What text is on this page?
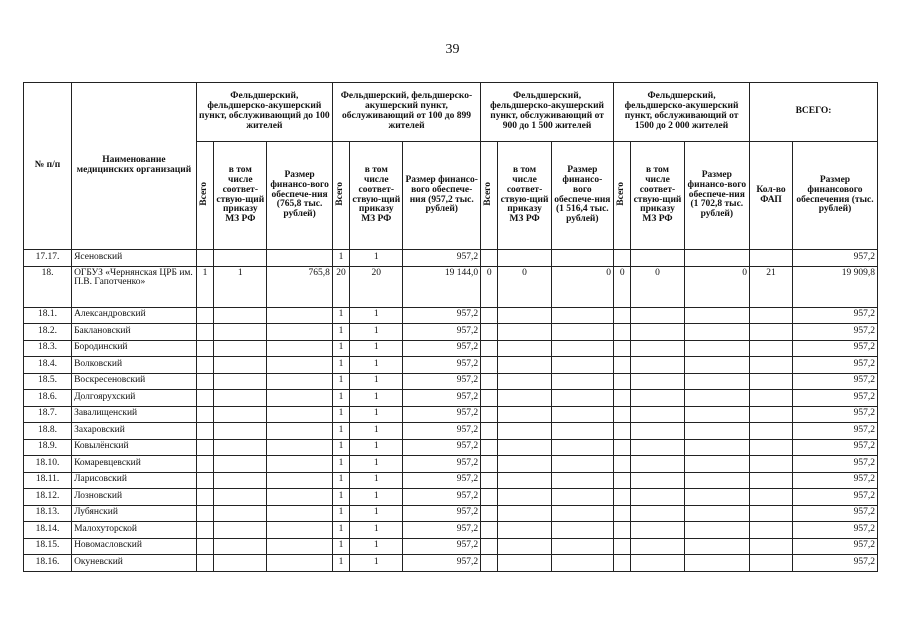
39
№ п/п	Наименование медицинских организаций	Фельдшерский, фельдшерско-акушерский пункт, обслуживающий до 100 жителей			Фельдшерский, фельдшерско-акушерский пункт, обслуживающий от 100 до 899 жителей			Фельдшерский, фельдшерско-акушерский пункт, обслуживающий от 900 до 1 500 жителей			Фельдшерский, фельдшерско-акушерский пункт, обслуживающий от 1500 до 2 000 жителей			ВСЕГО:	
		Всего	в том числе соответ-ствую-щий приказу МЗ РФ	Размер финансо-вого обеспече-ния (765,8 тыс. рублей)	Всего	в том числе соответ-ствую-щий приказу МЗ РФ	Размер финансо-вого обеспече-ния (957,2 тыс. рублей)	Всего	в том числе соответ-ствую-щий приказу МЗ РФ	Размер финансо-вого обеспече-ния (1 516,4 тыс. рублей)	Всего	в том числе соответ-ствую-щий приказу МЗ РФ	Размер финансо-вого обеспече-ния (1 702,8 тыс. рублей)	Кол-во ФАП	Размер финансового обеспечения (тыс. рублей)
17.17.	Ясеновский				1	1	957,2								957,2
18.	ОГБУЗ «Чернянская ЦРБ им. П.В. Гапотченко»	1	1	765,8	20	20	19 144,0	0	0	0	0	0	0	21	19 909,8
18.1.	Александровский				1	1	957,2								957,2
18.2.	Баклановский				1	1	957,2								957,2
18.3.	Бородинский				1	1	957,2								957,2
18.4.	Волковский				1	1	957,2								957,2
18.5.	Воскресеновский				1	1	957,2								957,2
18.6.	Долгоярухский				1	1	957,2								957,2
18.7.	Завалищенский				1	1	957,2								957,2
18.8.	Захаровский				1	1	957,2								957,2
18.9.	Ковылёнский				1	1	957,2								957,2
18.10.	Комаревцевский				1	1	957,2								957,2
18.11.	Ларисовский				1	1	957,2								957,2
18.12.	Лозновский				1	1	957,2								957,2
18.13.	Лубянский				1	1	957,2								957,2
18.14.	Малохуторской				1	1	957,2								957,2
18.15.	Новомасловский				1	1	957,2								957,2
18.16.	Окуневский				1	1	957,2								957,2
